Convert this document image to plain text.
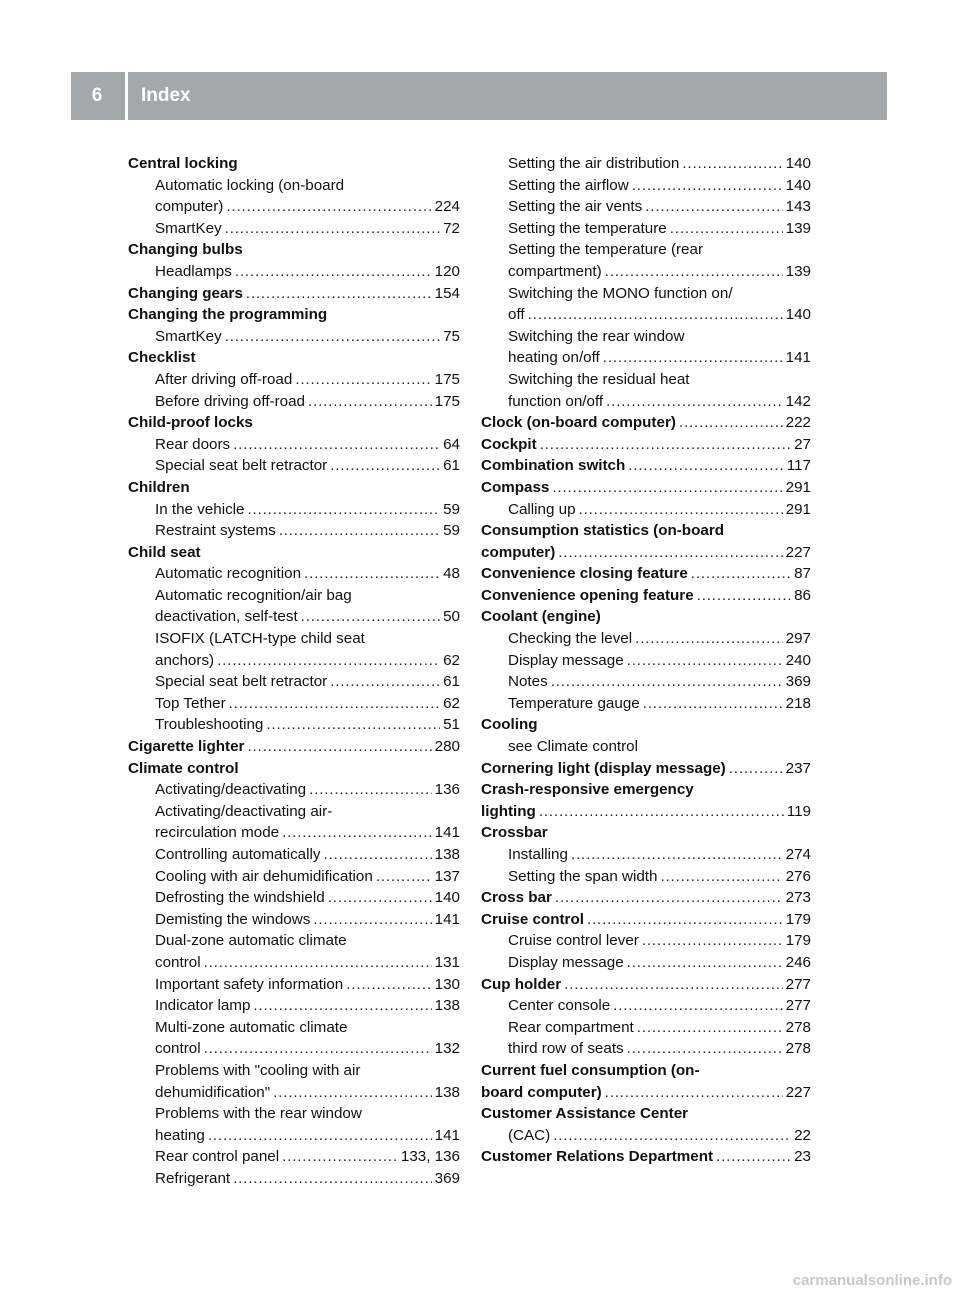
6	Index
Central locking
Automatic locking (on-board
computer) . . .	224
SmartKey . . .	72
Changing bulbs
Headlamps . . .	120
Changing gears . . .	154
Changing the programming
SmartKey . . .	75
Checklist
After driving off-road . . .	175
Before driving off-road . . .	175
Child-proof locks
Rear doors . . .	64
Special seat belt retractor . . .	61
Children
In the vehicle . . .	59
Restraint systems . . .	59
Child seat
Automatic recognition . . .	48
Automatic recognition/air bag
deactivation, self-test . . .	50
ISOFIX (LATCH-type child seat
anchors) . . .	62
Special seat belt retractor . . .	61
Top Tether . . .	62
Troubleshooting . . .	51
Cigarette lighter . . .	280
Climate control
Activating/deactivating . . .	136
Activating/deactivating air-
recirculation mode . . .	141
Controlling automatically . . .	138
Cooling with air dehumidification . . .	137
Defrosting the windshield . . .	140
Demisting the windows . . .	141
Dual-zone automatic climate
control . . .	131
Important safety information . . .	130
Indicator lamp . . .	138
Multi-zone automatic climate
control . . .	132
Problems with "cooling with air
dehumidification" . . .	138
Problems with the rear window
heating . . .	141
Rear control panel . . .	133, 136
Refrigerant . . .	369
Setting the air distribution . . .	140
Setting the airflow . . .	140
Setting the air vents . . .	143
Setting the temperature . . .	139
Setting the temperature (rear
compartment) . . .	139
Switching the MONO function on/
off . . .	140
Switching the rear window
heating on/off . . .	141
Switching the residual heat
function on/off . . .	142
Clock (on-board computer) . . .	222
Cockpit . . .	27
Combination switch . . .	117
Compass . . .	291
Calling up . . .	291
Consumption statistics (on-board
computer) . . .	227
Convenience closing feature . . .	87
Convenience opening feature . . .	86
Coolant (engine)
Checking the level . . .	297
Display message . . .	240
Notes . . .	369
Temperature gauge . . .	218
Cooling
see Climate control
Cornering light (display message) . . .	237
Crash-responsive emergency
lighting . . .	119
Crossbar
Installing . . .	274
Setting the span width . . .	276
Cross bar . . .	273
Cruise control . . .	179
Cruise control lever . . .	179
Display message . . .	246
Cup holder . . .	277
Center console . . .	277
Rear compartment . . .	278
third row of seats . . .	278
Current fuel consumption (on-
board computer) . . .	227
Customer Assistance Center
(CAC) . . .	22
Customer Relations Department . . .	23
carmanualsonline.info
